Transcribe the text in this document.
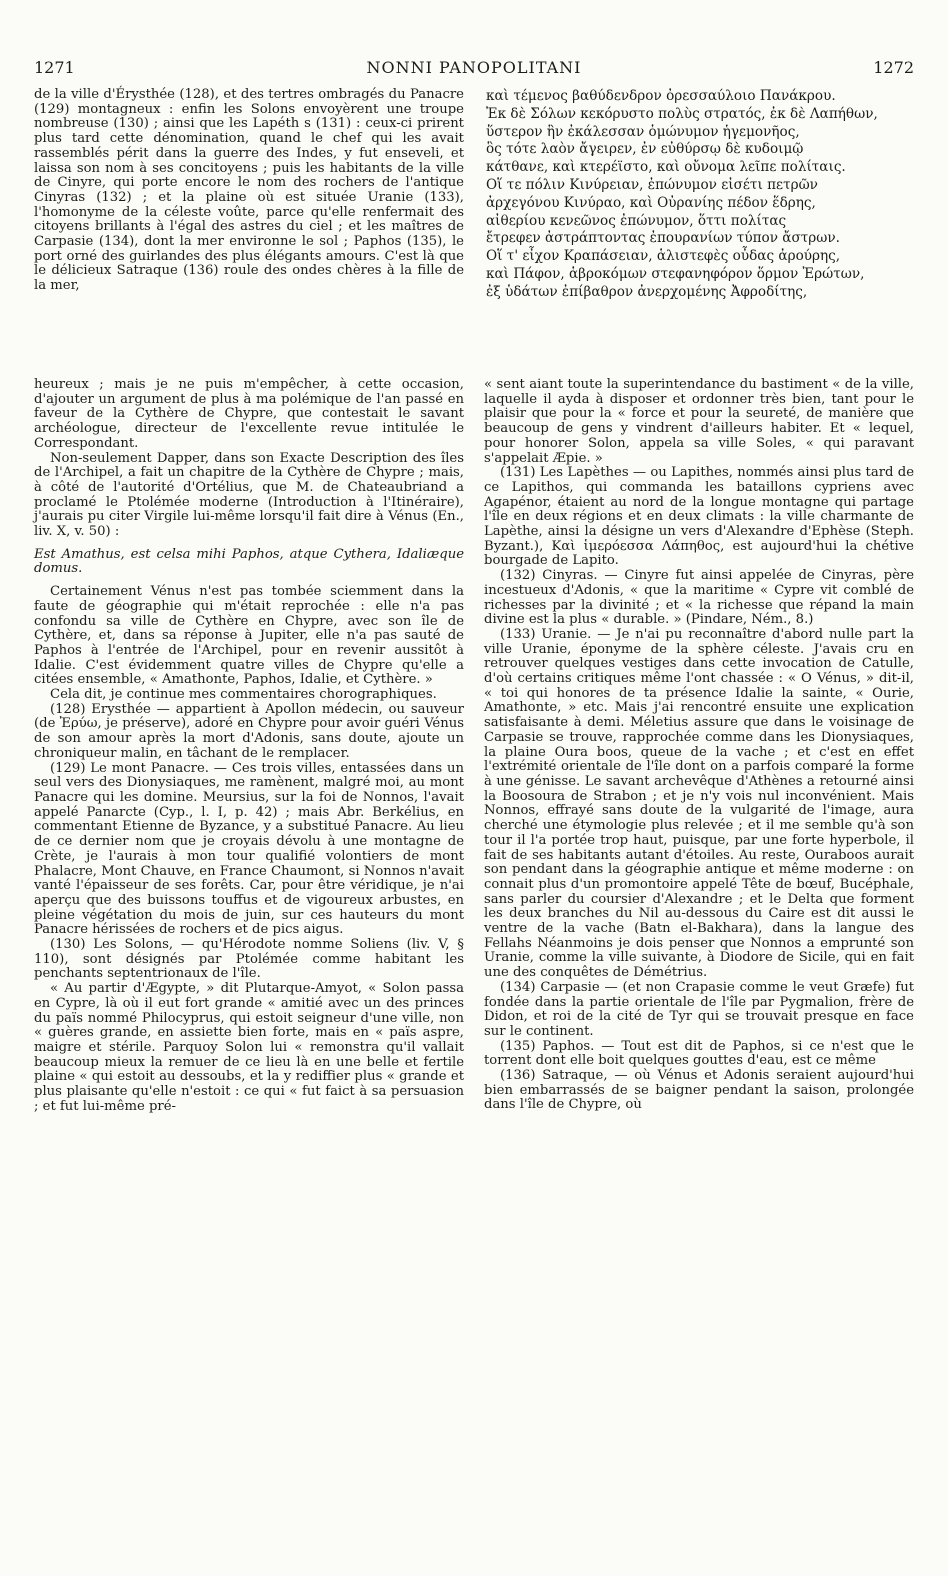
1271	NONNI PANOPOLITANI	1272

de la ville d'Érysthée (128), et des tertres ombragés du Panacre (129) montagneux : enfin les Solons envoyèrent une troupe nombreuse (130) ; ainsi que les Lapéth s (131) : ceux-ci prirent plus tard cette dénomination, quand le chef qui les avait rassemblés périt dans la guerre des Indes, y fut enseveli, et laissa son nom à ses concitoyens ; puis les habitants de la ville de Cinyre, qui porte encore le nom des rochers de l'antique Cinyras (132) ; et la plaine où est située Uranie (133), l'homonyme de la céleste voûte, parce qu'elle renfermait des citoyens brillants à l'égal des astres du ciel ; et les maîtres de Carpasie (134), dont la mer environne le sol ; Paphos (135), le port orné des guirlandes des plus élégants amours. C'est là que le délicieux Satraque (136) roule des ondes chères à la fille de la mer,

καὶ τέμενος βαθύδενδρον ὀρεσσαύλοιο Πανάκρου.

Ἐκ δὲ Σόλων κεκόρυστο πολὺς στρατός, ἐκ δὲ Λαπήθων,

ὕστερον ἣν ἐκάλεσσαν ὁμώνυμον ἡγεμονῆος,

ὃς τότε λαὸν ἄγειρεν, ἐν εὐθύρσῳ δὲ κυδοιμῷ

κάτθανε, καὶ κτερέϊστο, καὶ οὔνομα λεῖπε πολίταις.

Οἵ τε πόλιν Κινύρειαν, ἐπώνυμον εἰσέτι πετρῶν

ἀρχεγόνου Κινύραο, καὶ Οὐρανίης πέδον ἕδρης,

αἰθερίου κενεῶνος ἐπώνυμον, ὅττι πολίτας

ἔτρεφεν ἀστράπτοντας ἐπουρανίων τύπον ἄστρων.

Οἵ τ' εἶχον Κραπάσειαν, ἁλιστεφὲς οὖδας ἀρούρης,

καὶ Πάφον, ἁβροκόμων στεφανηφόρον ὅρμον Ἐρώτων,

ἐξ ὑδάτων ἐπίβαθρον ἀνερχομένης Ἀφροδίτης,

heureux ; mais je ne puis m'empêcher, à cette occasion, d'ajouter un argument de plus à ma polémique de l'an passé en faveur de la Cythère de Chypre, que contestait le savant archéologue, directeur de l'excellente revue intitulée le Correspondant.

Non-seulement Dapper, dans son Exacte Description des îles de l'Archipel, a fait un chapitre de la Cythère de Chypre ; mais, à côté de l'autorité d'Ortélius, que M. de Chateaubriand a proclamé le Ptolémée moderne (Introduction à l'Itinéraire), j'aurais pu citer Virgile lui-même lorsqu'il fait dire à Vénus (En., liv. X, v. 50) :

Est Amathus, est celsa mihi Paphos, atque Cythera, Idaliæque domus.

Certainement Vénus n'est pas tombée sciemment dans la faute de géographie qui m'était reprochée : elle n'a pas confondu sa ville de Cythère en Chypre, avec son île de Cythère, et, dans sa réponse à Jupiter, elle n'a pas sauté de Paphos à l'entrée de l'Archipel, pour en revenir aussitôt à Idalie. C'est évidemment quatre villes de Chypre qu'elle a citées ensemble, « Amathonte, Paphos, Idalie, et Cythère. »

Cela dit, je continue mes commentaires chorographiques.

(128) Erysthée — appartient à Apollon médecin, ou sauveur (de Ἐρύω, je préserve), adoré en Chypre pour avoir guéri Vénus de son amour après la mort d'Adonis, sans doute, ajoute un chroniqueur malin, en tâchant de le remplacer.

(129) Le mont Panacre. — Ces trois villes, entassées dans un seul vers des Dionysiaques, me ramènent, malgré moi, au mont Panacre qui les domine. Meursius, sur la foi de Nonnos, l'avait appelé Panarcte (Cyp., l. I, p. 42) ; mais Abr. Berkélius, en commentant Etienne de Byzance, y a substitué Panacre. Au lieu de ce dernier nom que je croyais dévolu à une montagne de Crète, je l'aurais à mon tour qualifié volontiers de mont Phalacre, Mont Chauve, en France Chaumont, si Nonnos n'avait vanté l'épaisseur de ses forêts. Car, pour être véridique, je n'ai aperçu que des buissons touffus et de vigoureux arbustes, en pleine végétation du mois de juin, sur ces hauteurs du mont Panacre hérissées de rochers et de pics aigus.

(130) Les Solons, — qu'Hérodote nomme Soliens (liv. V, § 110), sont désignés par Ptolémée comme habitant les penchants septentrionaux de l'île.

« Au partir d'Ægypte, » dit Plutarque-Amyot, « Solon passa en Cypre, là où il eut fort grande « amitié avec un des princes du païs nommé Philocyprus, qui estoit seigneur d'une ville, non « guères grande, en assiette bien forte, mais en « païs aspre, maigre et stérile. Parquoy Solon lui « remonstra qu'il vallait beaucoup mieux la remuer de ce lieu là en une belle et fertile plaine « qui estoit au dessoubs, et la y rediffier plus « grande et plus plaisante qu'elle n'estoit : ce qui « fut faict à sa persuasion ; et fut lui-même pré-

« sent aiant toute la superintendance du bastiment « de la ville, laquelle il ayda à disposer et ordonner très bien, tant pour le plaisir que pour la « force et pour la seureté, de manière que beaucoup de gens y vindrent d'ailleurs habiter. Et « lequel, pour honorer Solon, appela sa ville Soles, « qui paravant s'appelait Æpie. »

(131) Les Lapèthes — ou Lapithes, nommés ainsi plus tard de ce Lapithos, qui commanda les bataillons cypriens avec Agapénor, étaient au nord de la longue montagne qui partage l'île en deux régions et en deux climats : la ville charmante de Lapèthe, ainsi la désigne un vers d'Alexandre d'Ephèse (Steph. Byzant.), Καὶ ἱμερόεσσα Λάπηθος, est aujourd'hui la chétive bourgade de Lapito.

(132) Cinyras. — Cinyre fut ainsi appelée de Cinyras, père incestueux d'Adonis, « que la maritime « Cypre vit comblé de richesses par la divinité ; et « la richesse que répand la main divine est la plus « durable. » (Pindare, Ném., 8.)

(133) Uranie. — Je n'ai pu reconnaître d'abord nulle part la ville Uranie, éponyme de la sphère céleste. J'avais cru en retrouver quelques vestiges dans cette invocation de Catulle, d'où certains critiques même l'ont chassée : « O Vénus, » dit-il, « toi qui honores de ta présence Idalie la sainte, « Ourie, Amathonte, » etc. Mais j'ai rencontré ensuite une explication satisfaisante à demi. Méletius assure que dans le voisinage de Carpasie se trouve, rapprochée comme dans les Dionysiaques, la plaine Oura boos, queue de la vache ; et c'est en effet l'extrémité orientale de l'île dont on a parfois comparé la forme à une génisse. Le savant archevêque d'Athènes a retourné ainsi la Boosoura de Strabon ; et je n'y vois nul inconvénient. Mais Nonnos, effrayé sans doute de la vulgarité de l'image, aura cherché une étymologie plus relevée ; et il me semble qu'à son tour il l'a portée trop haut, puisque, par une forte hyperbole, il fait de ses habitants autant d'étoiles. Au reste, Ouraboos aurait son pendant dans la géographie antique et même moderne : on connait plus d'un promontoire appelé Tête de bœuf, Bucéphale, sans parler du coursier d'Alexandre ; et le Delta que forment les deux branches du Nil au-dessous du Caire est dit aussi le ventre de la vache (Batn el-Bakhara), dans la langue des Fellahs Néanmoins je dois penser que Nonnos a emprunté son Uranie, comme la ville suivante, à Diodore de Sicile, qui en fait une des conquêtes de Démétrius.

(134) Carpasie — (et non Crapasie comme le veut Græfe) fut fondée dans la partie orientale de l'île par Pygmalion, frère de Didon, et roi de la cité de Tyr qui se trouvait presque en face sur le continent.

(135) Paphos. — Tout est dit de Paphos, si ce n'est que le torrent dont elle boit quelques gouttes d'eau, est ce même

(136) Satraque, — où Vénus et Adonis seraient aujourd'hui bien embarrassés de se baigner pendant la saison, prolongée dans l'île de Chypre, où
